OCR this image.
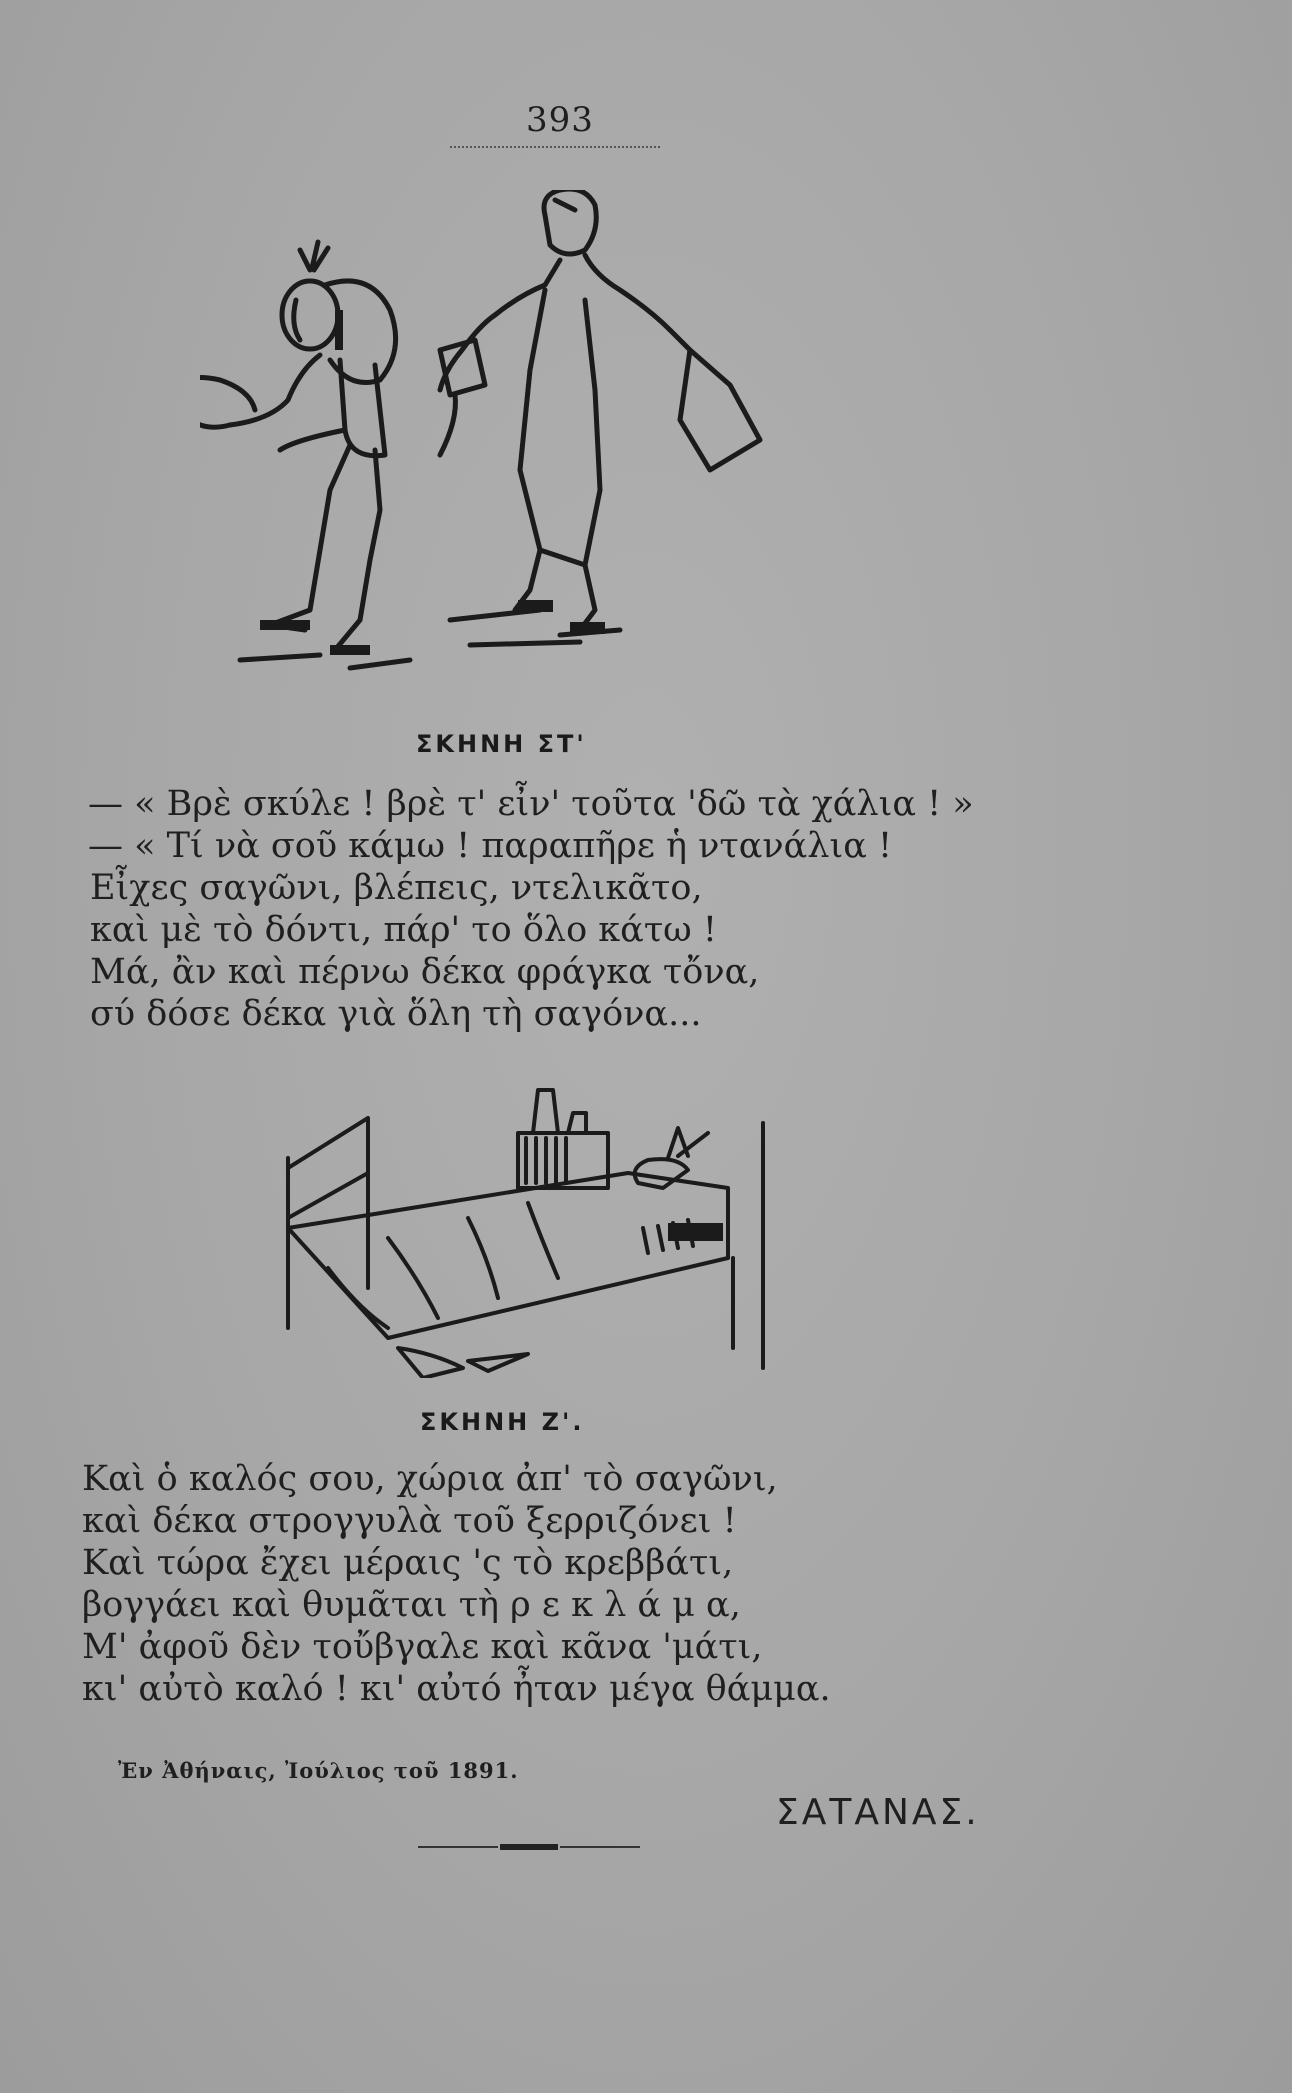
393
ΣΚΗΝΗ ΣΤ'
— « Βρὲ σκύλε ! βρὲ τ' εἶν' τοῦτα 'δῶ τὰ χάλια ! »
— « Τί νὰ σοῦ κάμω ! παραπῆρε ἡ ντανάλια !
Εἶχες σαγῶνι, βλέπεις, ντελικᾶτο,
καὶ μὲ τὸ δόντι, πάρ' το ὅλο κάτω !
Μά, ἂν καὶ πέρνω δέκα φράγκα τὄνα,
σύ δόσε δέκα γιὰ ὅλη τὴ σαγόνα...
ΣΚΗΝΗ Ζ'.
Καὶ ὁ καλός σου, χώρια ἀπ' τὸ σαγῶνι,
καὶ δέκα στρογγυλὰ τοῦ ξερριζόνει !
Καὶ τώρα ἔχει μέραις 'ς τὸ κρεββάτι,
βογγάει καὶ θυμᾶται τὴ ρ ε κ λ ά μ α,
Μ' ἀφοῦ δὲν τοὔβγαλε καὶ κᾶνα 'μάτι,
κι' αὐτὸ καλό ! κι' αὐτό ἦταν μέγα θάμμα.
Ἐν Ἀθήναις, Ἰούλιος τοῦ 1891.
ΣΑΤΑΝΑΣ.
